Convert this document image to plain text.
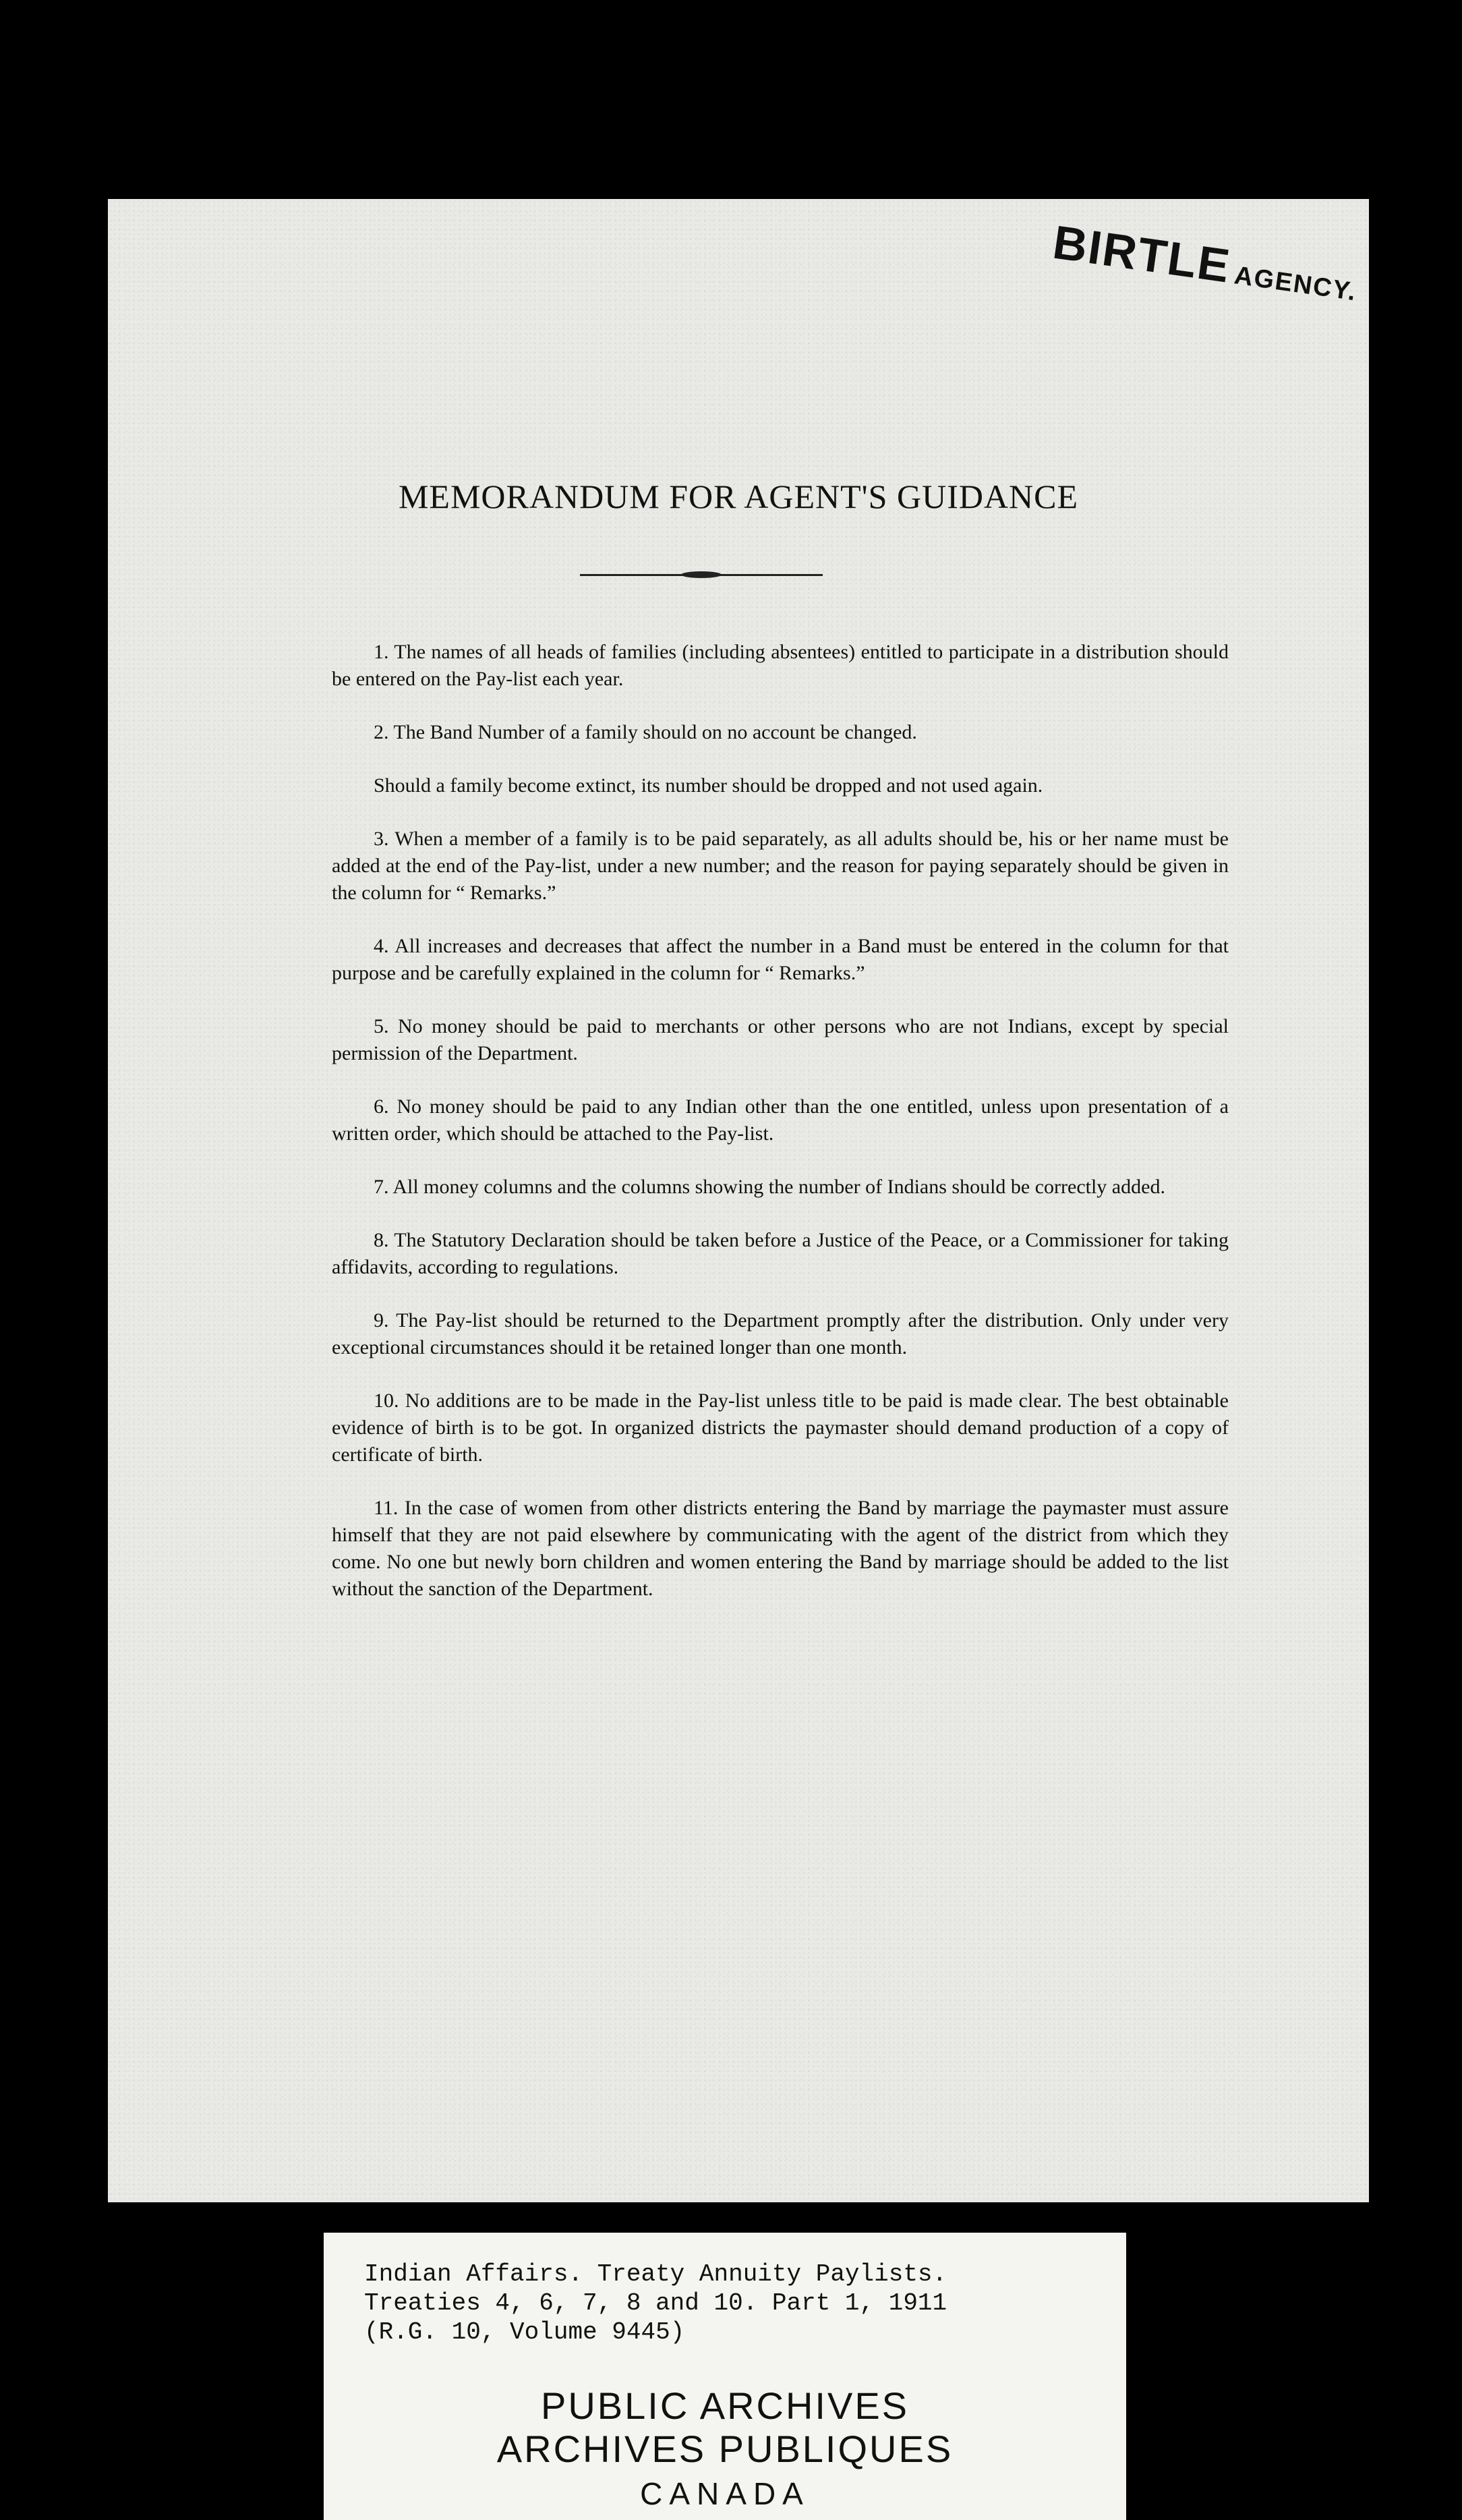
BIRTLEAGENCY.
MEMORANDUM FOR AGENT'S GUIDANCE

1. The names of all heads of families (including absentees) entitled to participate in a distribution should be entered on the Pay-list each year.

2. The Band Number of a family should on no account be changed.

Should a family become extinct, its number should be dropped and not used again.

3. When a member of a family is to be paid separately, as all adults should be, his or her name must be added at the end of the Pay-list, under a new number; and the reason for paying separately should be given in the column for “ Remarks.”

4. All increases and decreases that affect the number in a Band must be entered in the column for that purpose and be carefully explained in the column for “ Remarks.”

5. No money should be paid to merchants or other persons who are not Indians, except by special permission of the Department.

6. No money should be paid to any Indian other than the one entitled, unless upon presentation of a written order, which should be attached to the Pay-list.

7. All money columns and the columns showing the number of Indians should be correctly added.

8. The Statutory Declaration should be taken before a Justice of the Peace, or a Commissioner for taking affidavits, according to regulations.

9. The Pay-list should be returned to the Department promptly after the distribution. Only under very exceptional circumstances should it be retained longer than one month.

10. No additions are to be made in the Pay-list unless title to be paid is made clear. The best obtainable evidence of birth is to be got. In organized districts the paymaster should demand production of a copy of certificate of birth.

11. In the case of women from other districts entering the Band by marriage the paymaster must assure himself that they are not paid elsewhere by communicating with the agent of the district from which they come. No one but newly born children and women entering the Band by marriage should be added to the list without the sanction of the Department.

Indian Affairs. Treaty Annuity Paylists.
Treaties 4, 6, 7, 8 and 10. Part 1, 1911
(R.G. 10, Volume 9445)
PUBLIC ARCHIVES
ARCHIVES PUBLIQUES
CANADA
